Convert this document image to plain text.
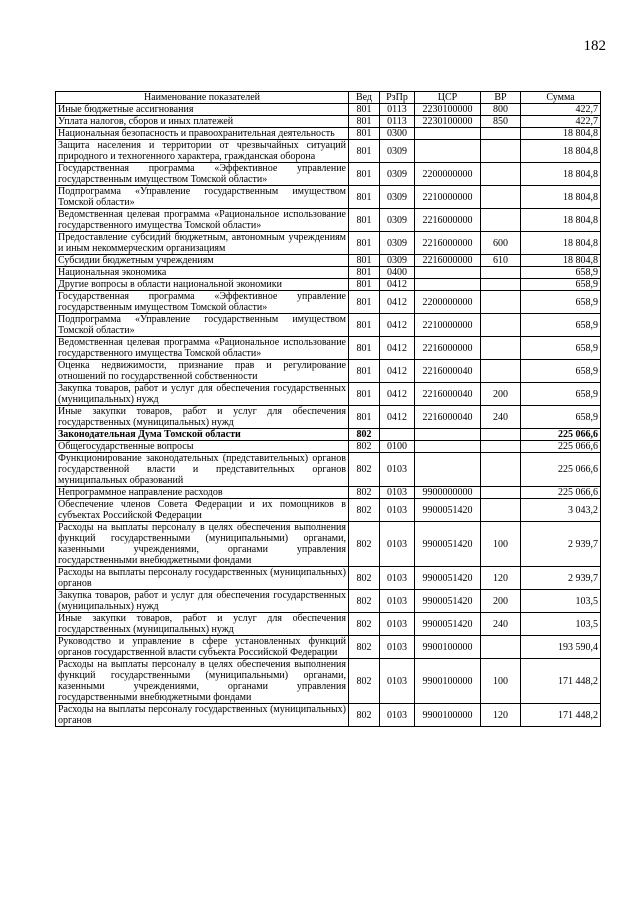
182
Наименование показателей	Вед	РзПр	ЦСР	ВР	Сумма
Иные бюджетные ассигнования	801	0113	2230100000	800	422,7
Уплата налогов, сборов и иных платежей	801	0113	2230100000	850	422,7
Национальная безопасность и правоохранительная деятельность	801	0300			18 804,8
Защита населения и территории от чрезвычайных ситуаций природного и техногенного характера, гражданская оборона	801	0309			18 804,8
Государственная программа «Эффективное управление государственным имуществом Томской области»	801	0309	2200000000		18 804,8
Подпрограмма «Управление государственным имуществом Томской области»	801	0309	2210000000		18 804,8
Ведомственная целевая программа «Рациональное использование государственного имущества Томской области»	801	0309	2216000000		18 804,8
Предоставление субсидий бюджетным, автономным учреждениям и иным некоммерческим организациям	801	0309	2216000000	600	18 804,8
Субсидии бюджетным учреждениям	801	0309	2216000000	610	18 804,8
Национальная экономика	801	0400			658,9
Другие вопросы в области национальной экономики	801	0412			658,9
Государственная программа «Эффективное управление государственным имуществом Томской области»	801	0412	2200000000		658,9
Подпрограмма «Управление государственным имуществом Томской области»	801	0412	2210000000		658,9
Ведомственная целевая программа «Рациональное использование государственного имущества Томской области»	801	0412	2216000000		658,9
Оценка недвижимости, признание прав и регулирование отношений по государственной собственности	801	0412	2216000040		658,9
Закупка товаров, работ и услуг для обеспечения государственных (муниципальных) нужд	801	0412	2216000040	200	658,9
Иные закупки товаров, работ и услуг для обеспечения государственных (муниципальных) нужд	801	0412	2216000040	240	658,9
Законодательная Дума Томской области	802				225 066,6
Общегосударственные вопросы	802	0100			225 066,6
Функционирование законодательных (представительных) органов государственной власти и представительных органов муниципальных образований	802	0103			225 066,6
Непрограммное направление расходов	802	0103	9900000000		225 066,6
Обеспечение членов Совета Федерации и их помощников в субъектах Российской Федерации	802	0103	9900051420		3 043,2
Расходы на выплаты персоналу в целях обеспечения выполнения функций государственными (муниципальными) органами, казенными учреждениями, органами управления государственными внебюджетными фондами	802	0103	9900051420	100	2 939,7
Расходы на выплаты персоналу государственных (муниципальных) органов	802	0103	9900051420	120	2 939,7
Закупка товаров, работ и услуг для обеспечения государственных (муниципальных) нужд	802	0103	9900051420	200	103,5
Иные закупки товаров, работ и услуг для обеспечения государственных (муниципальных) нужд	802	0103	9900051420	240	103,5
Руководство и управление в сфере установленных функций органов государственной власти субъекта Российской Федерации	802	0103	9900100000		193 590,4
Расходы на выплаты персоналу в целях обеспечения выполнения функций государственными (муниципальными) органами, казенными учреждениями, органами управления государственными внебюджетными фондами	802	0103	9900100000	100	171 448,2
Расходы на выплаты персоналу государственных (муниципальных) органов	802	0103	9900100000	120	171 448,2
